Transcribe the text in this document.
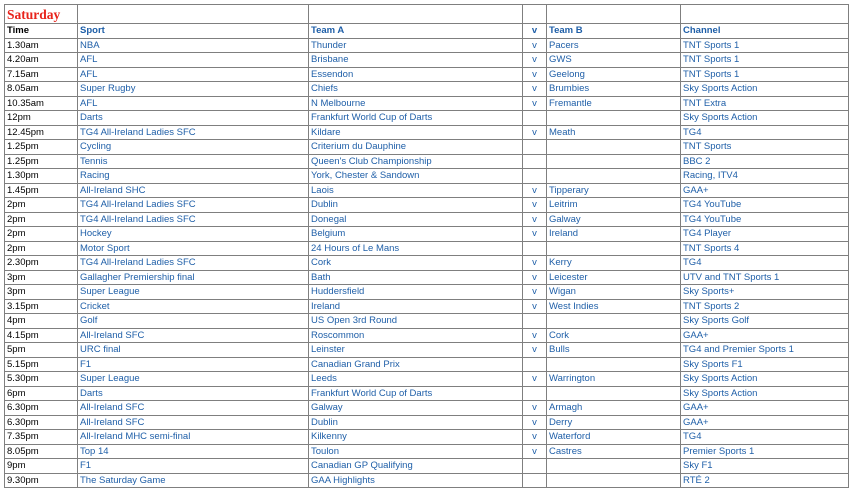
Saturday					
Time	Sport	Team A	v	Team B	Channel
1.30am	NBA	Thunder	v	Pacers	TNT Sports 1
4.20am	AFL	Brisbane	v	GWS	TNT Sports 1
7.15am	AFL	Essendon	v	Geelong	TNT Sports 1
8.05am	Super Rugby	Chiefs	v	Brumbies	Sky Sports Action
10.35am	AFL	N Melbourne	v	Fremantle	TNT Extra
12pm	Darts	Frankfurt World Cup of Darts			Sky Sports Action
12.45pm	TG4 All-Ireland Ladies SFC	Kildare	v	Meath	TG4
1.25pm	Cycling	Criterium du Dauphine			TNT Sports
1.25pm	Tennis	Queen's Club Championship			BBC 2
1.30pm	Racing	York, Chester & Sandown			Racing, ITV4
1.45pm	All-Ireland SHC	Laois	v	Tipperary	GAA+
2pm	TG4 All-Ireland Ladies SFC	Dublin	v	Leitrim	TG4 YouTube
2pm	TG4 All-Ireland Ladies SFC	Donegal	v	Galway	TG4 YouTube
2pm	Hockey	Belgium	v	Ireland	TG4 Player
2pm	Motor Sport	24 Hours of Le Mans			TNT Sports 4
2.30pm	TG4 All-Ireland Ladies SFC	Cork	v	Kerry	TG4
3pm	Gallagher Premiership final	Bath	v	Leicester	UTV and TNT Sports 1
3pm	Super League	Huddersfield	v	Wigan	Sky Sports+
3.15pm	Cricket	Ireland	v	West Indies	TNT Sports 2
4pm	Golf	US Open 3rd Round			Sky Sports Golf
4.15pm	All-Ireland SFC	Roscommon	v	Cork	GAA+
5pm	URC final	Leinster	v	Bulls	TG4 and Premier Sports 1
5.15pm	F1	Canadian Grand Prix			Sky Sports F1
5.30pm	Super League	Leeds	v	Warrington	Sky Sports Action
6pm	Darts	Frankfurt World Cup of Darts			Sky Sports Action
6.30pm	All-Ireland SFC	Galway	v	Armagh	GAA+
6.30pm	All-Ireland SFC	Dublin	v	Derry	GAA+
7.35pm	All-Ireland MHC semi-final	Kilkenny	v	Waterford	TG4
8.05pm	Top 14	Toulon	v	Castres	Premier Sports 1
9pm	F1	Canadian GP Qualifying			Sky F1
9.30pm	The Saturday Game	GAA Highlights			RTÉ 2
